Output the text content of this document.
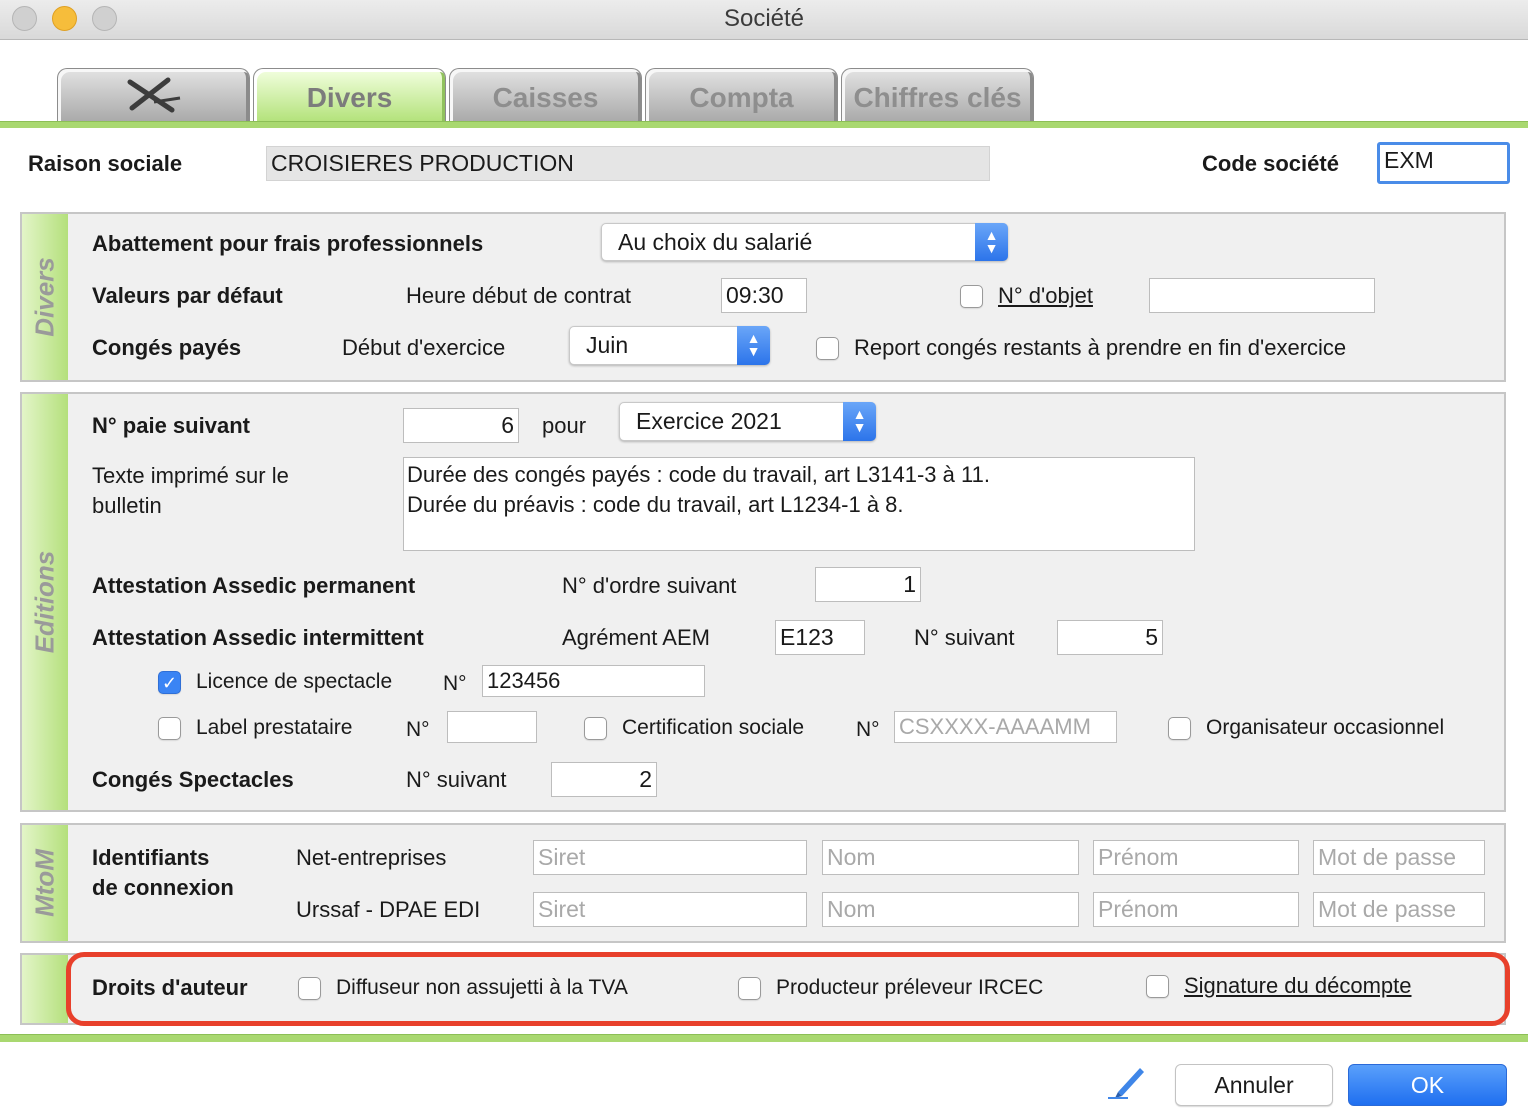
Société
Divers	Caisses	Compta	Chiffres clés
Raison sociale	CROISIERES PRODUCTION	Code société	EXM
Divers
Abattement pour frais professionnels	Au choix du salarié	▲
▼
Valeurs par défaut	Heure début de contrat	09:30	N° d'objet
Congés payés	Début d'exercice	Juin	▲
▼	Report congés restants à prendre en fin d'exercice
Editions
N° paie suivant	6 pour	Exercice 2021	▲
▼
Texte imprimé sur le
bulletin
Durée des congés payés : code du travail, art L3141-3 à 11.
Durée du préavis : code du travail, art L1234-1 à 8.
Attestation Assedic permanent	N° d'ordre suivant	1
Attestation Assedic intermittent	Agrément AEM	E123	N° suivant	5
✓ Licence de spectacle N° 123456
Label prestataire	N°	Certification sociale N° CSXXXX-AAAAMM	Organisateur occasionnel
Congés Spectacles	N° suivant	2
MtoM Identifiants
de connexion
Net-entreprises	Siret	Nom	Prénom	Mot de passe
Urssaf - DPAE EDI	Siret	Nom	Prénom	Mot de passe
Droits d'auteur	Diffuseur non assujetti à la TVA	Producteur préleveur IRCEC	Signature du décompte
Annuler	OK
